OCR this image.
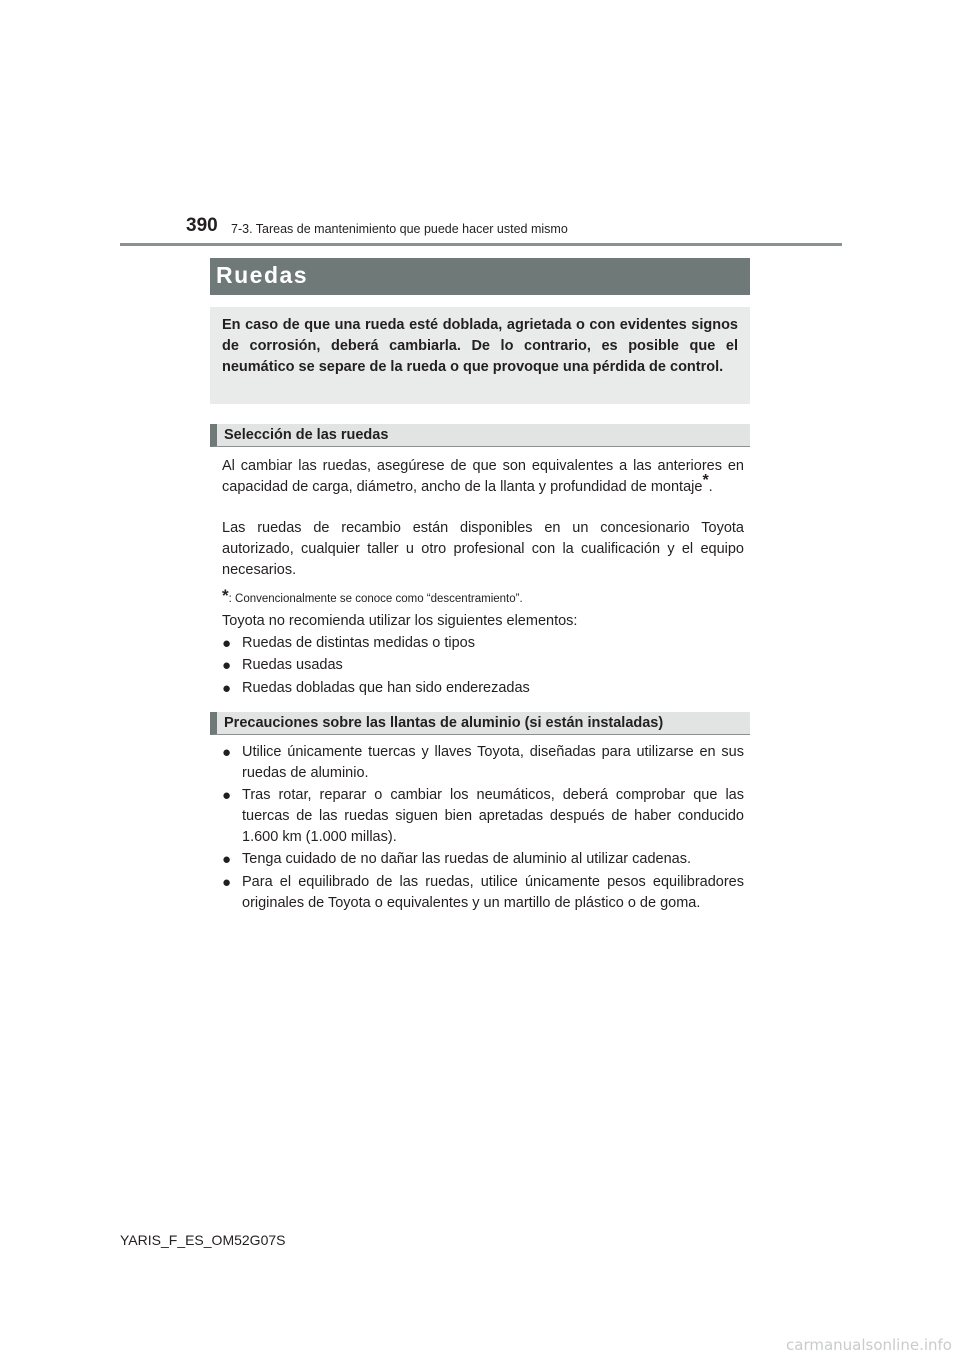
390 7-3. Tareas de mantenimiento que puede hacer usted mismo
Ruedas

En caso de que una rueda esté doblada, agrietada o con evidentes signos de corrosión, deberá cambiarla. De lo contrario, es posible que el neumático se separe de la rueda o que provoque una pérdida de control.

Selección de las ruedas

Al cambiar las ruedas, asegúrese de que son equivalentes a las anteriores en capacidad de carga, diámetro, ancho de la llanta y profundidad de montaje*.

Las ruedas de recambio están disponibles en un concesionario Toyota autorizado, cualquier taller u otro profesional con la cualificación y el equipo necesarios.

*: Convencionalmente se conoce como “descentramiento”.

Toyota no recomienda utilizar los siguientes elementos:

● Ruedas de distintas medidas o tipos
● Ruedas usadas
● Ruedas dobladas que han sido enderezadas
Precauciones sobre las llantas de aluminio (si están instaladas)
● Utilice únicamente tuercas y llaves Toyota, diseñadas para utilizarse en sus ruedas de aluminio.
● Tras rotar, reparar o cambiar los neumáticos, deberá comprobar que las tuercas de las ruedas siguen bien apretadas después de haber conducido 1.600 km (1.000 millas).
● Tenga cuidado de no dañar las ruedas de aluminio al utilizar cadenas.
● Para el equilibrado de las ruedas, utilice únicamente pesos equilibradores originales de Toyota o equivalentes y un martillo de plástico o de goma.
YARIS_F_ES_OM52G07S
carmanualsonline.info
